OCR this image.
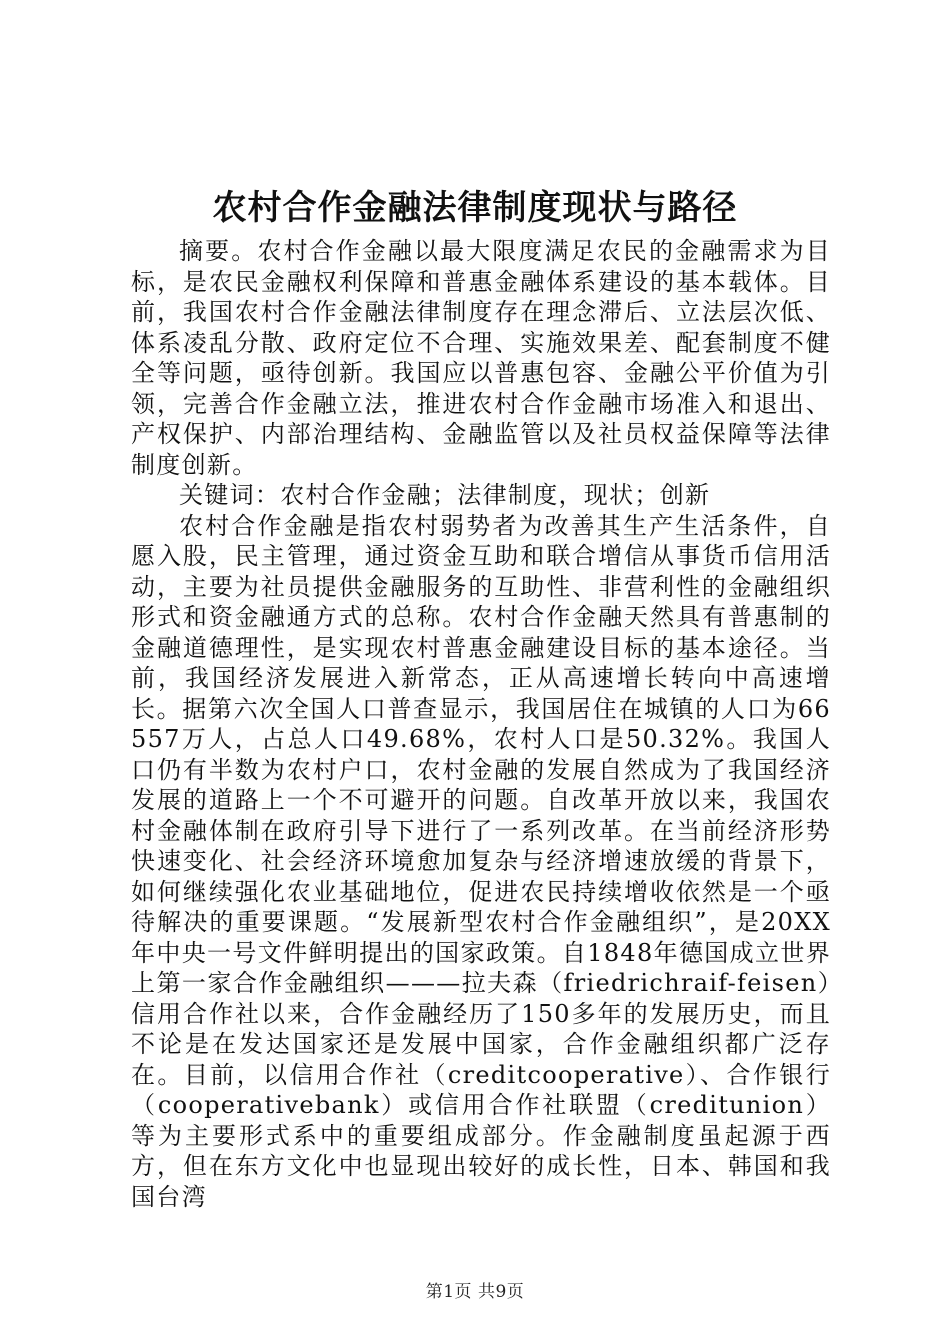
农村合作金融法律制度现状与路径

摘要。农村合作金融以最大限度满足农民的金融需求为目标，是农民金融权利保障和普惠金融体系建设的基本载体。目前，我国农村合作金融法律制度存在理念滞后、立法层次低、体系凌乱分散、政府定位不合理、实施效果差、配套制度不健全等问题，亟待创新。我国应以普惠包容、金融公平价值为引领，完善合作金融立法，推进农村合作金融市场准入和退出、产权保护、内部治理结构、金融监管以及社员权益保障等法律制度创新。

关键词：农村合作金融；法律制度，现状；创新

农村合作金融是指农村弱势者为改善其生产生活条件，自愿入股，民主管理，通过资金互助和联合增信从事货币信用活动，主要为社员提供金融服务的互助性、非营利性的金融组织形式和资金融通方式的总称。农村合作金融天然具有普惠制的金融道德理性，是实现农村普惠金融建设目标的基本途径。当前，我国经济发展进入新常态，正从高速增长转向中高速增长。据第六次全国人口普查显示，我国居住在城镇的人口为66557万人，占总人口49.68%，农村人口是50.32%。我国人口仍有半数为农村户口，农村金融的发展自然成为了我国经济发展的道路上一个不可避开的问题。自改革开放以来，我国农村金融体制在政府引导下进行了一系列改革。在当前经济形势快速变化、社会经济环境愈加复杂与经济增速放缓的背景下，如何继续强化农业基础地位，促进农民持续增收依然是一个亟待解决的重要课题。“发展新型农村合作金融组织”，是20XX年中央一号文件鲜明提出的国家政策。自1848年德国成立世界上第一家合作金融组织———拉夫森（friedrichraif-feisen）信用合作社以来，合作金融经历了150多年的发展历史，而且不论是在发达国家还是发展中国家，合作金融组织都广泛存在。目前，以信用合作社（creditcooperative）、合作银行（cooperativebank）或信用合作社联盟（creditunion）等为主要形式系中的重要组成部分。作金融制度虽起源于西方，但在东方文化中也显现出较好的成长性，日本、韩国和我国台湾

第1页 共9页
